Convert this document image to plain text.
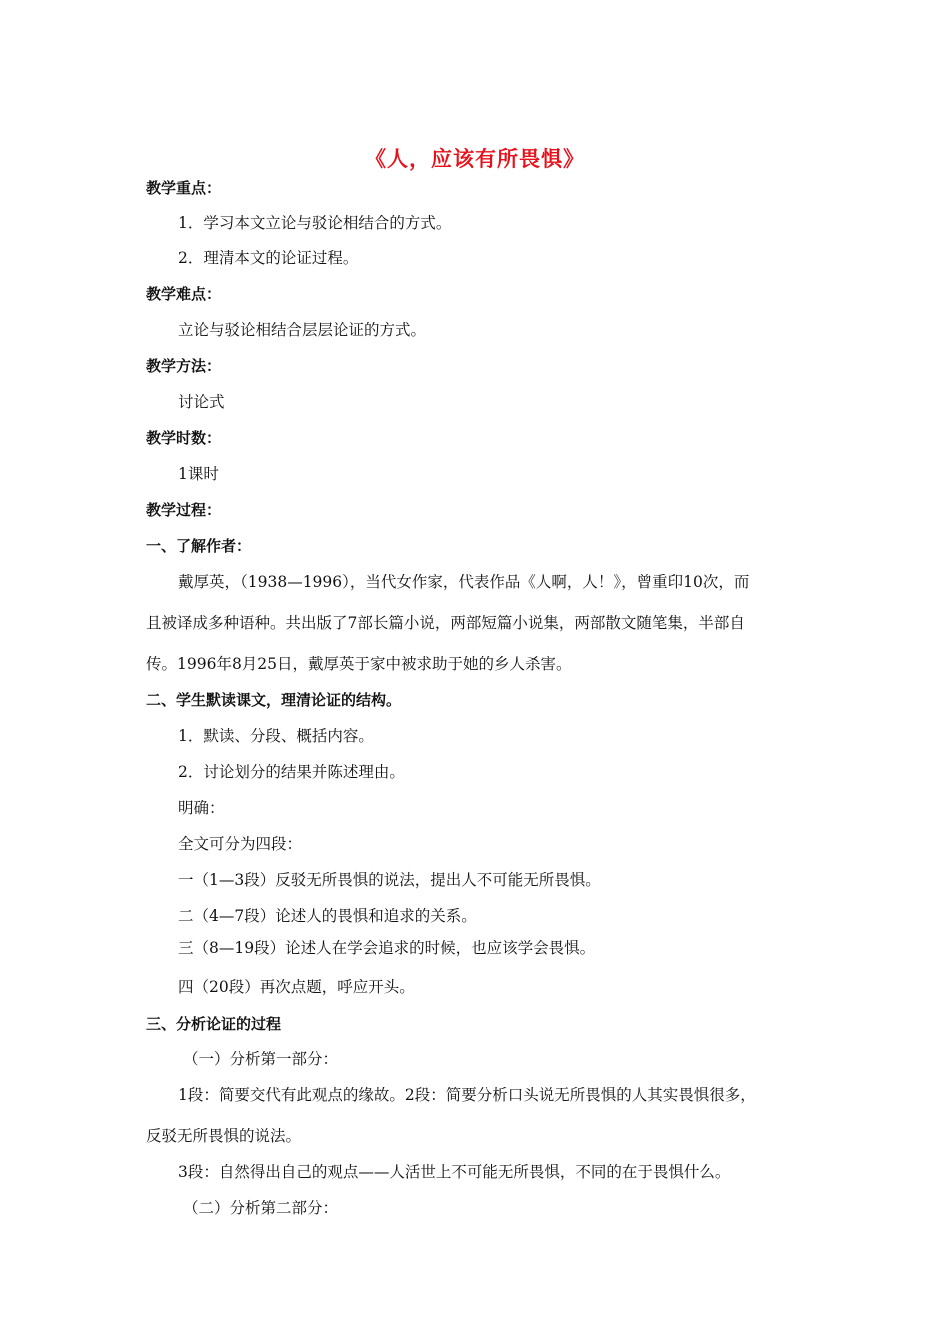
《人，应该有所畏惧》
教学重点：
1．学习本文立论与驳论相结合的方式。
2．理清本文的论证过程。
教学难点：
立论与驳论相结合层层论证的方式。
教学方法：
讨论式
教学时数：
1课时
教学过程：
一、了解作者：
戴厚英，（1938—1996），当代女作家，代表作品《人啊，人！》，曾重印10次，而
且被译成多种语种。共出版了7部长篇小说，两部短篇小说集，两部散文随笔集，半部自
传。1996年8月25日，戴厚英于家中被求助于她的乡人杀害。
二、学生默读课文，理清论证的结构。
1．默读、分段、概括内容。
2．讨论划分的结果并陈述理由。
明确：
全文可分为四段：
一（1—3段）反驳无所畏惧的说法，提出人不可能无所畏惧。
二（4—7段）论述人的畏惧和追求的关系。
三（8—19段）论述人在学会追求的时候，也应该学会畏惧。
四（20段）再次点题，呼应开头。
三、分析论证的过程
（一）分析第一部分：
1段：简要交代有此观点的缘故。2段：简要分析口头说无所畏惧的人其实畏惧很多，
反驳无所畏惧的说法。
3段：自然得出自己的观点——人活世上不可能无所畏惧，不同的在于畏惧什么。
（二）分析第二部分：
